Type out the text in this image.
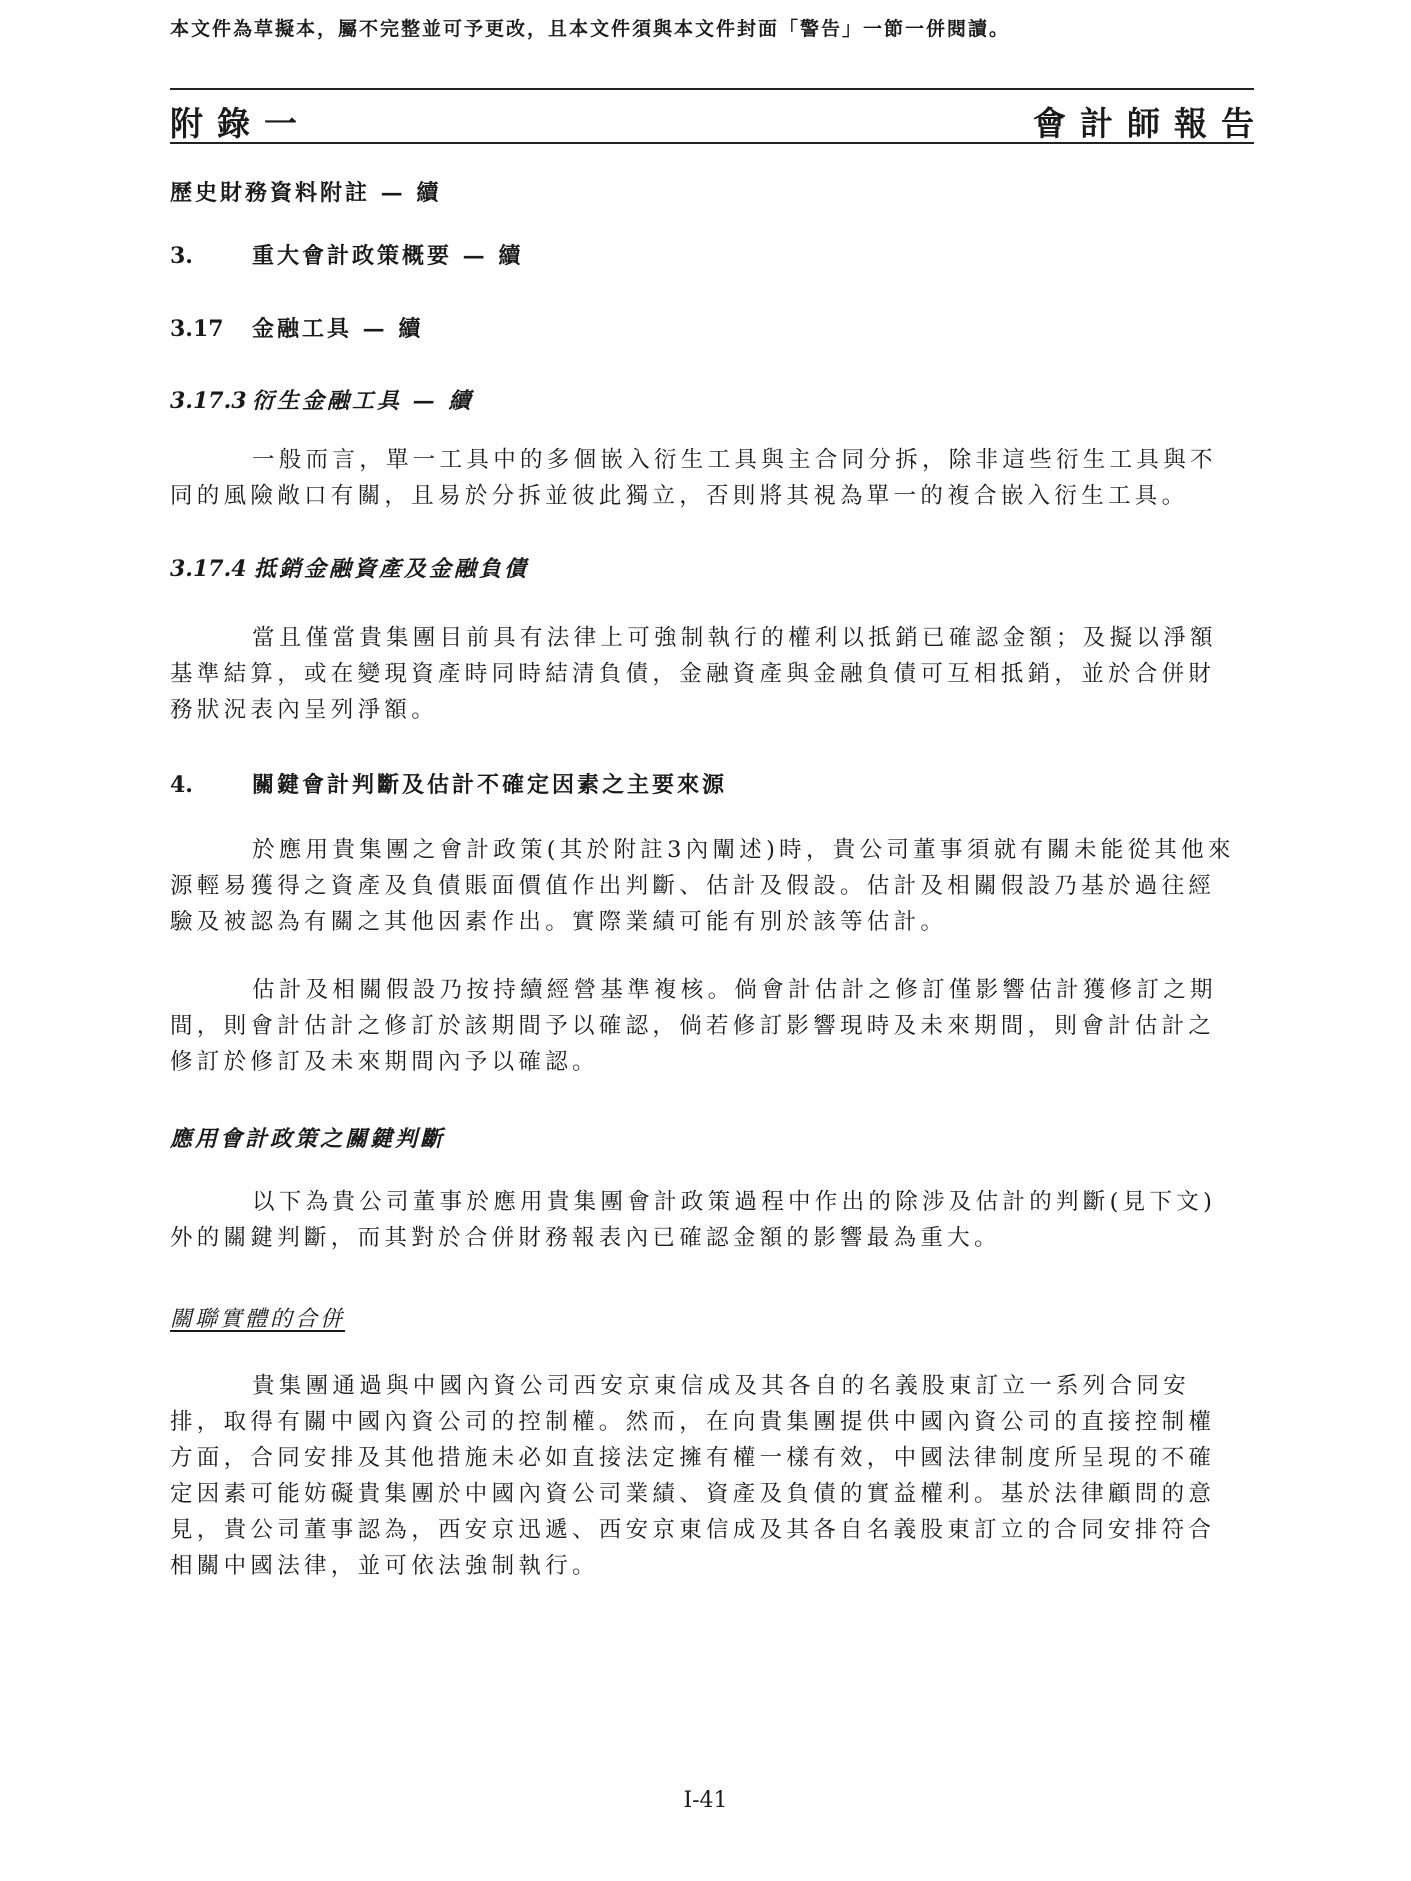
本文件為草擬本，屬不完整並可予更改，且本文件須與本文件封面「警告」一節一併閱讀。
附錄一	會計師報告
歷史財務資料附註 — 續
3.	重大會計政策概要 — 續
3.17 金融工具 — 續
3.17.3 衍生金融工具 — 續
一般而言，單一工具中的多個嵌入衍生工具與主合同分拆，除非這些衍生工具與不
同的風險敞口有關，且易於分拆並彼此獨立，否則將其視為單一的複合嵌入衍生工具。
3.17.4 抵銷金融資產及金融負債
當且僅當貴集團目前具有法律上可強制執行的權利以抵銷已確認金額；及擬以淨額
基準結算，或在變現資產時同時結清負債，金融資產與金融負債可互相抵銷，並於合併財
務狀況表內呈列淨額。
4.	關鍵會計判斷及估計不確定因素之主要來源
於應用貴集團之會計政策(其於附註3內闡述)時，貴公司董事須就有關未能從其他來
源輕易獲得之資產及負債賬面價值作出判斷、估計及假設。估計及相關假設乃基於過往經
驗及被認為有關之其他因素作出。實際業績可能有別於該等估計。
估計及相關假設乃按持續經營基準複核。倘會計估計之修訂僅影響估計獲修訂之期
間，則會計估計之修訂於該期間予以確認，倘若修訂影響現時及未來期間，則會計估計之
修訂於修訂及未來期間內予以確認。
應用會計政策之關鍵判斷
以下為貴公司董事於應用貴集團會計政策過程中作出的除涉及估計的判斷(見下文)
外的關鍵判斷，而其對於合併財務報表內已確認金額的影響最為重大。
關聯實體的合併
貴集團通過與中國內資公司西安京東信成及其各自的名義股東訂立一系列合同安
排，取得有關中國內資公司的控制權。然而，在向貴集團提供中國內資公司的直接控制權
方面，合同安排及其他措施未必如直接法定擁有權一樣有效，中國法律制度所呈現的不確
定因素可能妨礙貴集團於中國內資公司業績、資產及負債的實益權利。基於法律顧問的意
見，貴公司董事認為，西安京迅遞、西安京東信成及其各自名義股東訂立的合同安排符合
相關中國法律，並可依法強制執行。
I-41
